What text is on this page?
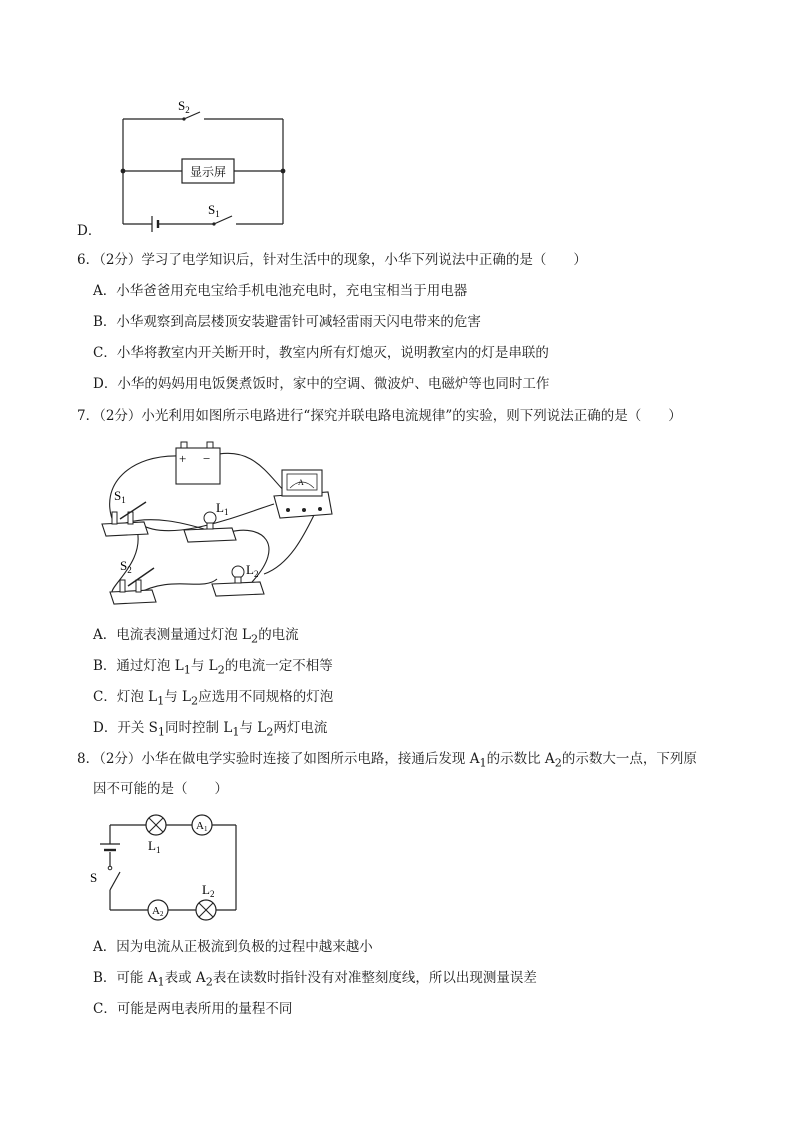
$S_2$
$S_1$
显示屏
D．
6．（2分）学习了电学知识后，针对生活中的现象，小华下列说法中正确的是（　　）
A．小华爸爸用充电宝给手机电池充电时，充电宝相当于用电器
B．小华观察到高层楼顶安装避雷针可减轻雷雨天闪电带来的危害
C．小华将教室内开关断开时，教室内所有灯熄灭，说明教室内的灯是串联的
D．小华的妈妈用电饭煲煮饭时，家中的空调、微波炉、电磁炉等也同时工作
7．（2分）小光利用如图所示电路进行“探究并联电路电流规律”的实验，则下列说法正确的是（　　）
+ −
A
$S_1$	$L_1$
$S_2$	$L_2$
A．电流表测量通过灯泡 $L_2$的电流
B．通过灯泡 $L_1$与 $L_2$的电流一定不相等
C．灯泡 $L_1$与 $L_2$应选用不同规格的灯泡
D．开关 $S_1$同时控制 $L_1$与 $L_2$两灯电流
8．（2分）小华在做电学实验时连接了如图所示电路，接通后发现 $A_1$的示数比 $A_2$的示数大一点，下列原
因不可能的是（　　）
A1
A2
$L_1$
S
$L_2$
A．因为电流从正极流到负极的过程中越来越小
B．可能 $A_1$表或 $A_2$表在读数时指针没有对准整刻度线，所以出现测量误差
C．可能是两电表所用的量程不同
